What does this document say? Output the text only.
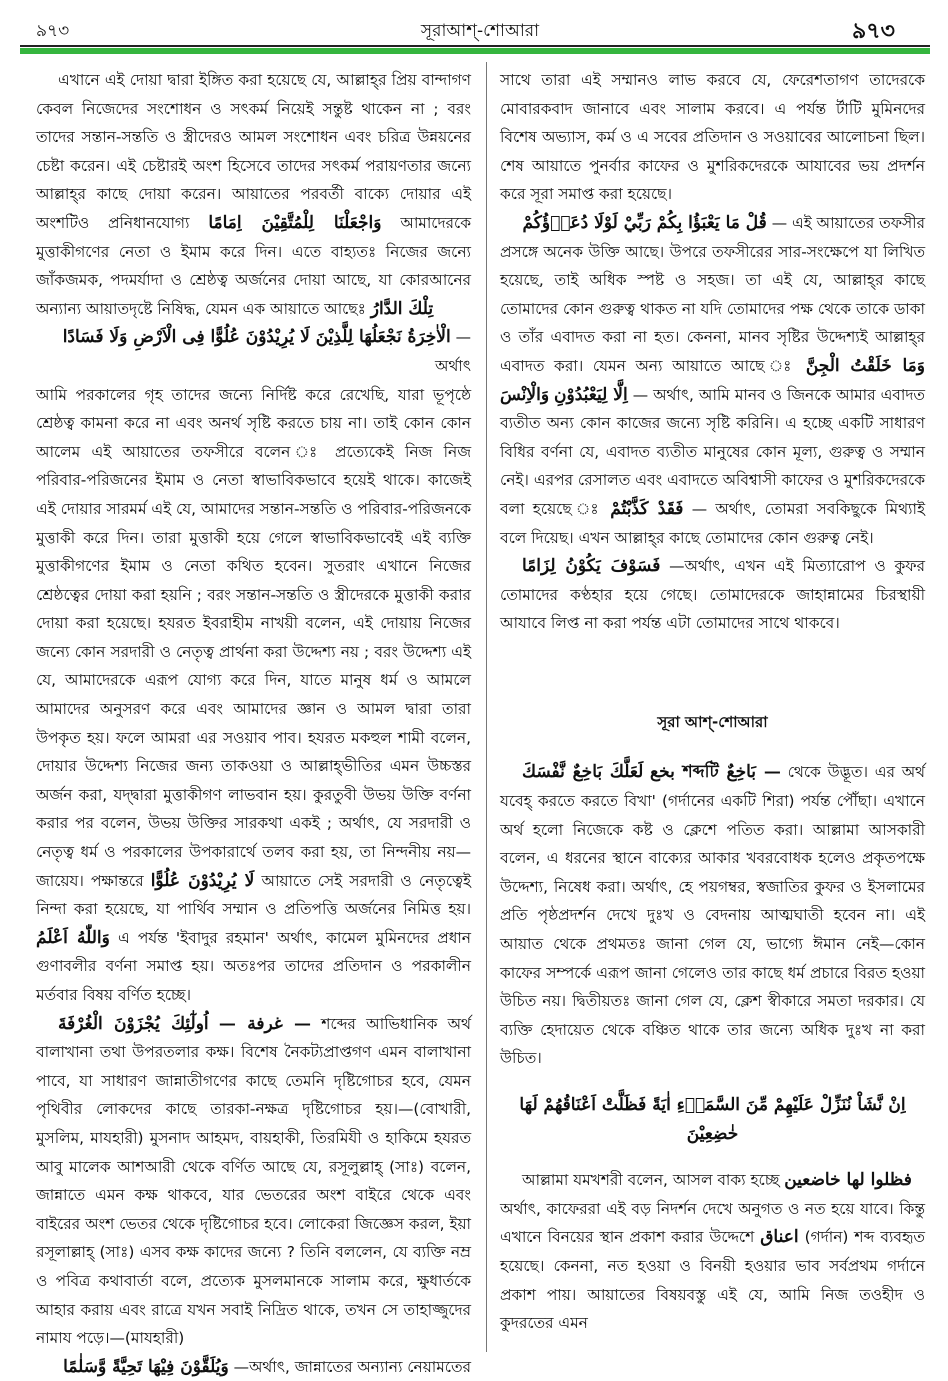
৯৭৩	সূরাআশ্‌-শোআরা	৯৭৩

এখানে এই দোয়া দ্বারা ইঙ্গিত করা হয়েছে যে, আল্লাহ্‌র প্রিয় বান্দাগণ কেবল নিজেদের সংশোধন ও সৎকর্ম নিয়েই সন্তুষ্ট থাকেন না ; বরং তাদের সন্তান-সন্ততি ও স্ত্রীদেরও আমল সংশোধন এবং চরিত্র উন্নয়নের চেষ্টা করেন। এই চেষ্টারই অংশ হিসেবে তাদের সৎকর্ম পরায়ণতার জন্যে আল্লাহ্‌র কাছে দোয়া করেন। আয়াতের পরবর্তী বাক্যে দোয়ার এই অংশটিও প্রনিধানযোগ্য وَاجْعَلْنَا لِلْمُتَّقِيْنَ اِمَامًا আমাদেরকে মুত্তাকীগণের নেতা ও ইমাম করে দিন। এতে বাহ্যতঃ নিজের জন্যে জাঁকজমক, পদমর্যাদা ও শ্রেষ্ঠত্ব অর্জনের দোয়া আছে, যা কোরআনের অন্যান্য আয়াতদৃষ্টে নিষিদ্ধ, যেমন এক আয়াতে আছেঃ تِلْكَ الدَّارُ

الْاٰخِرَةُ نَجْعَلُهَا لِلَّذِيْنَ لَا يُرِيْدُوْنَ عُلُوًّا فِى الْاَرْضِ وَلَا فَسَادًا — অর্থাৎ

আমি পরকালের গৃহ তাদের জন্যে নির্দিষ্ট করে রেখেছি, যারা ভূপৃষ্ঠে শ্রেষ্ঠত্ব কামনা করে না এবং অনর্থ সৃষ্টি করতে চায় না। তাই কোন কোন আলেম এই আয়াতের তফসীরে বলেন ঃ প্রত্যেকেই নিজ নিজ পরিবার-পরিজনের ইমাম ও নেতা স্বাভাবিকভাবে হয়েই থাকে। কাজেই এই দোয়ার সারমর্ম এই যে, আমাদের সন্তান-সন্ততি ও পরিবার-পরিজনকে মুত্তাকী করে দিন। তারা মুত্তাকী হয়ে গেলে স্বাভাবিকভাবেই এই ব্যক্তি মুত্তাকীগণের ইমাম ও নেতা কথিত হবেন। সুতরাং এখানে নিজের শ্রেষ্ঠত্বের দোয়া করা হয়নি ; বরং সন্তান-সন্ততি ও স্ত্রীদেরকে মুত্তাকী করার দোয়া করা হয়েছে। হযরত ইবরাহীম নাখয়ী বলেন, এই দোয়ায় নিজের জন্যে কোন সরদারী ও নেতৃত্ব প্রার্থনা করা উদ্দেশ্য নয় ; বরং উদ্দেশ্য এই যে, আমাদেরকে এরূপ যোগ্য করে দিন, যাতে মানুষ ধর্ম ও আমলে আমাদের অনুসরণ করে এবং আমাদের জ্ঞান ও আমল দ্বারা তারা উপকৃত হয়। ফলে আমরা এর সওয়াব পাব। হযরত মকহুল শামী বলেন, দোয়ার উদ্দেশ্য নিজের জন্য তাকওয়া ও আল্লাহ্‌ভীতির এমন উচ্চস্তর অর্জন করা, যদ্দ্বারা মুত্তাকীগণ লাভবান হয়। কুরতুবী উভয় উক্তি বর্ণনা করার পর বলেন, উভয় উক্তির সারকথা একই ; অর্থাৎ, যে সরদারী ও নেতৃত্ব ধর্ম ও পরকালের উপকারার্থে তলব করা হয়, তা নিন্দনীয় নয়—জায়েয। পক্ষান্তরে لَا يُرِيْدُوْنَ عُلُوًّا আয়াতে সেই সরদারী ও নেতৃত্বেই নিন্দা করা হয়েছে, যা পার্থিব সম্মান ও প্রতিপত্তি অর্জনের নিমিত্ত হয়। وَاللّٰهُ اَعْلَمُ এ পর্যন্ত 'ইবাদুর রহমান' অর্থাৎ, কামেল মুমিনদের প্রধান গুণাবলীর বর্ণনা সমাপ্ত হয়। অতঃপর তাদের প্রতিদান ও পরকালীন মর্তবার বিষয় বর্ণিত হচ্ছে।

اُولٰٓئِكَ يُجْزَوْنَ الْغُرْفَةَ — غرفة — শব্দের আভিধানিক অর্থ বালাখানা তথা উপরতলার কক্ষ। বিশেষ নৈকট্যপ্রাপ্তগণ এমন বালাখানা পাবে, যা সাধারণ জান্নাতীগণের কাছে তেমনি দৃষ্টিগোচর হবে, যেমন পৃথিবীর লোকদের কাছে তারকা-নক্ষত্র দৃষ্টিগোচর হয়।—(বোখারী, মুসলিম, মাযহারী) মুসনাদ আহমদ, বায়হাকী, তিরমিযী ও হাকিমে হযরত আবু মালেক আশআরী থেকে বর্ণিত আছে যে, রসূলুল্লাহ্‌ (সাঃ) বলেন, জান্নাতে এমন কক্ষ থাকবে, যার ভেতরের অংশ বাইরে থেকে এবং বাইরের অংশ ভেতর থেকে দৃষ্টিগোচর হবে। লোকেরা জিজ্ঞেস করল, ইয়া রসূলাল্লাহ্‌ (সাঃ) এসব কক্ষ কাদের জন্যে ? তিনি বললেন, যে ব্যক্তি নম্র ও পবিত্র কথাবার্তা বলে, প্রত্যেক মুসলমানকে সালাম করে, ক্ষুধার্তকে আহার করায় এবং রাত্রে যখন সবাই নিদ্রিত থাকে, তখন সে তাহাজ্জুদের নামায পড়ে।—(মাযহারী)

وَيُلَقَّوْنَ فِيْهَا تَحِيَّةً وَّسَلٰمًا —অর্থাৎ, জান্নাতের অন্যান্য নেয়ামতের

সাথে তারা এই সম্মানও লাভ করবে যে, ফেরেশতাগণ তাদেরকে মোবারকবাদ জানাবে এবং সালাম করবে। এ পর্যন্ত ৰ্টাটি মুমিনদের বিশেষ অভ্যাস, কর্ম ও এ সবের প্রতিদান ও সওয়াবের আলোচনা ছিল। শেষ আয়াতে পুনর্বার কাফের ও মুশরিকদেরকে আযাবের ভয় প্রদর্শন করে সূরা সমাপ্ত করা হয়েছে।

قُلْ مَا يَعْبَؤُا بِكُمْ رَبِّيْ لَوْلَا دُعَاۤؤُكُمْ — এই আয়াতের তফসীর

প্রসঙ্গে অনেক উক্তি আছে। উপরে তফসীরের সার-সংক্ষেপে যা লিখিত হয়েছে, তাই অধিক স্পষ্ট ও সহজ। তা এই যে, আল্লাহ্‌র কাছে তোমাদের কোন গুরুত্ব থাকত না যদি তোমাদের পক্ষ থেকে তাকে ডাকা ও তাঁর এবাদত করা না হত। কেননা, মানব সৃষ্টির উদ্দেশ্যই আল্লাহ্‌র এবাদত করা। যেমন অন্য আয়াতে আছে ঃ وَمَا خَلَقْتُ الْجِنَّ وَالْاِنْسَ اِلَّا لِيَعْبُدُوْنِ — অর্থাৎ, আমি মানব ও জিনকে আমার এবাদত ব্যতীত অন্য কোন কাজের জন্যে সৃষ্টি করিনি। এ হচ্ছে একটি সাধারণ বিধির বর্ণনা যে, এবাদত ব্যতীত মানুষের কোন মূল্য, গুরুত্ব ও সম্মান নেই। এরপর রেসালত এবং এবাদতে অবিশ্বাসী কাফের ও মুশরিকদেরকে বলা হয়েছে ঃ فَقَدْ كَذَّبْتُمْ — অর্থাৎ, তোমরা সবকিছুকে মিথ্যাই বলে দিয়েছ। এখন আল্লাহ্‌র কাছে তোমাদের কোন গুরুত্ব নেই।

فَسَوْفَ يَكُوْنُ لِزَامًا —অর্থাৎ, এখন এই মিত্যারোপ ও কুফর তোমাদের কণ্ঠহার হয়ে গেছে। তোমাদেরকে জাহান্নামের চিরস্থায়ী আযাবে লিপ্ত না করা পর্যন্ত এটা তোমাদের সাথে থাকবে।

সূরা আশ্‌-শোআরা

لَعَلَّكَ بَاخِعٌ نَّفْسَكَ — بَاخِعٌ শব্দটি بخع থেকে উদ্ভূত। এর অর্থ যবেহ্‌ করতে করতে বিখা' (গর্দানের একটি শিরা) পর্যন্ত পৌঁছা। এখানে অর্থ হলো নিজেকে কষ্ট ও ক্লেশে পতিত করা। আল্লামা আসকারী বলেন, এ ধরনের স্থানে বাক্যের আকার খবরবোধক হলেও প্রকৃতপক্ষে উদ্দেশ্য, নিষেধ করা। অর্থাৎ, হে পয়গম্বর, স্বজাতির কুফর ও ইসলামের প্রতি পৃষ্ঠপ্রদর্শন দেখে দুঃখ ও বেদনায় আত্মঘাতী হবেন না। এই আয়াত থেকে প্রথমতঃ জানা গেল যে, ভাগ্যে ঈমান নেই—কোন কাফের সম্পর্কে এরূপ জানা গেলেও তার কাছে ধর্ম প্রচারে বিরত হওয়া উচিত নয়। দ্বিতীয়তঃ জানা গেল যে, ক্লেশ স্বীকারে সমতা দরকার। যে ব্যক্তি হেদায়েত থেকে বঞ্চিত থাকে তার জন্যে অধিক দুঃখ না করা উচিত।

اِنْ نَّشَاْ نُنَزِّلْ عَلَيْهِمْ مِّنَ السَّمَاۤءِ اٰيَةً فَظَلَّتْ اَعْنَاقُهُمْ لَهَا خٰضِعِيْنَ

আল্লামা যমখশরী বলেন, আসল বাক্য হচ্ছে فظلوا لها خاضعين

অর্থাৎ, কাফেররা এই বড় নিদর্শন দেখে অনুগত ও নত হয়ে যাবে। কিন্তু এখানে বিনয়ের স্থান প্রকাশ করার উদ্দেশে اعناق (গর্দান) শব্দ ব্যবহৃত হয়েছে। কেননা, নত হওয়া ও বিনয়ী হওয়ার ভাব সর্বপ্রথম গর্দানে প্রকাশ পায়। আয়াতের বিষয়বস্তু এই যে, আমি নিজ তওহীদ ও কুদরতের এমন
